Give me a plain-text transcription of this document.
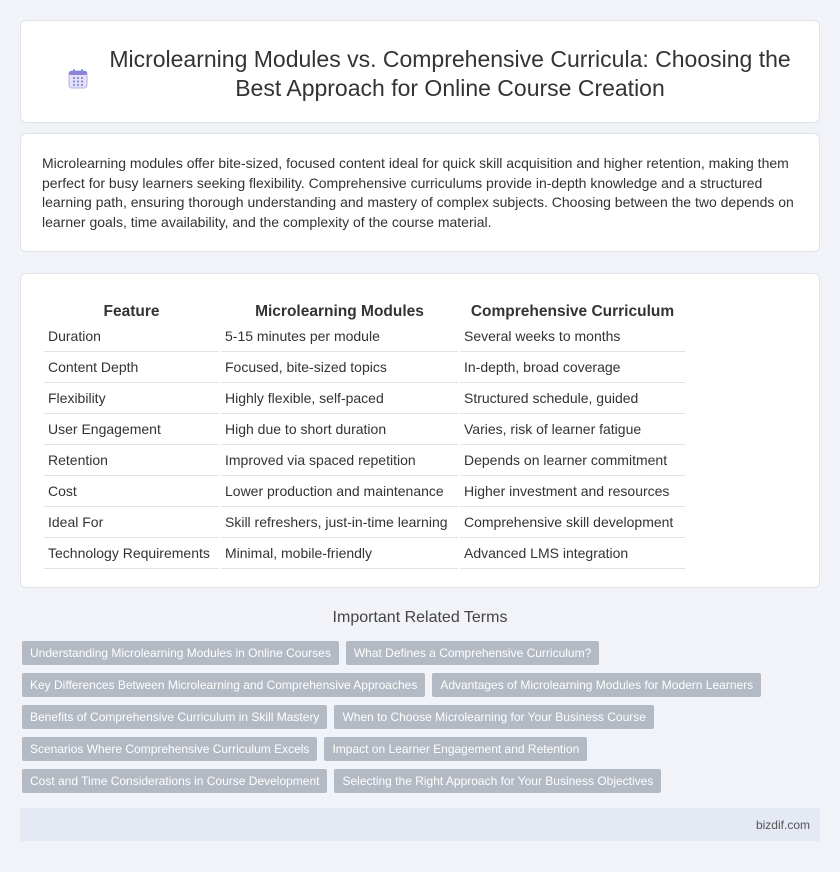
Microlearning Modules vs. Comprehensive Curricula: Choosing the Best Approach for Online Course Creation

Microlearning modules offer bite-sized, focused content ideal for quick skill acquisition and higher retention, making them perfect for busy learners seeking flexibility. Comprehensive curriculums provide in-depth knowledge and a structured learning path, ensuring thorough understanding and mastery of complex subjects. Choosing between the two depends on learner goals, time availability, and the complexity of the course material.

Feature	Microlearning Modules	Comprehensive Curriculum
Duration	5-15 minutes per module	Several weeks to months
Content Depth	Focused, bite-sized topics	In-depth, broad coverage
Flexibility	Highly flexible, self-paced	Structured schedule, guided
User Engagement	High due to short duration	Varies, risk of learner fatigue
Retention	Improved via spaced repetition	Depends on learner commitment
Cost	Lower production and maintenance	Higher investment and resources
Ideal For	Skill refreshers, just-in-time learning	Comprehensive skill development
Technology Requirements	Minimal, mobile-friendly	Advanced LMS integration
Important Related Terms
Understanding Microlearning Modules in Online Courses	What Defines a Comprehensive Curriculum?
Key Differences Between Microlearning and Comprehensive Approaches	Advantages of Microlearning Modules for Modern Learners
Benefits of Comprehensive Curriculum in Skill Mastery	When to Choose Microlearning for Your Business Course
Scenarios Where Comprehensive Curriculum Excels	Impact on Learner Engagement and Retention
Cost and Time Considerations in Course Development	Selecting the Right Approach for Your Business Objectives
bizdif.com
